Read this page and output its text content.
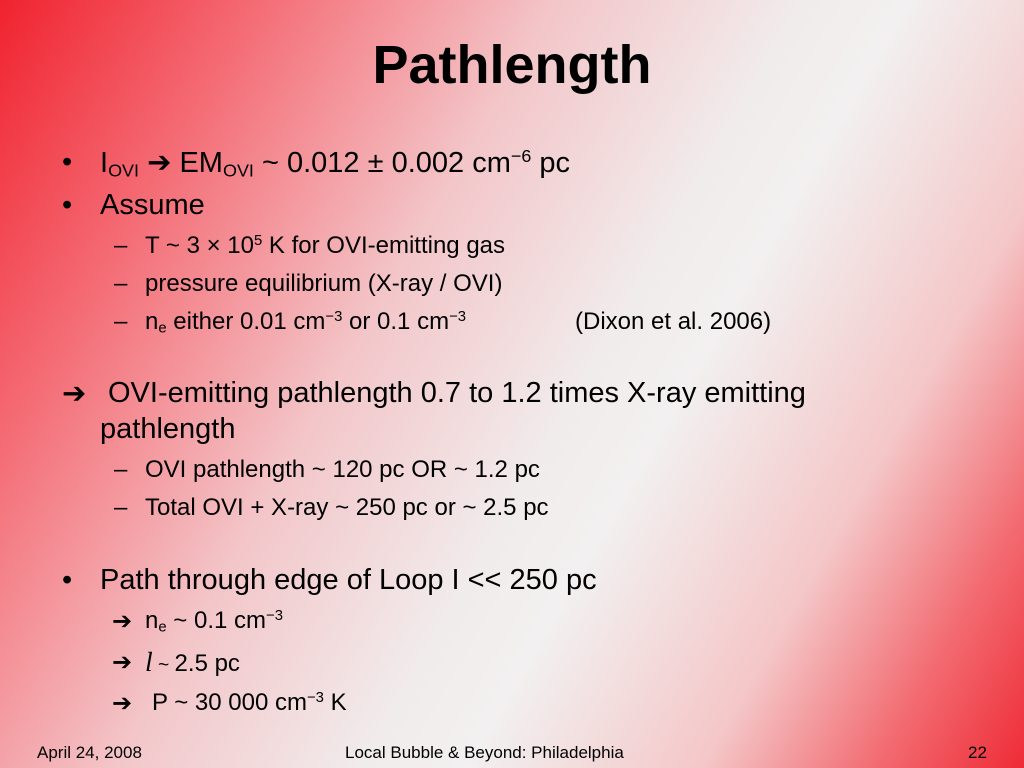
Pathlength
• $I_{OVI}$ ➔ $EM_{OVI}$ ~ 0.012 ± 0.002 $cm^{-6}$ pc
• Assume
– T ~ $3 \times 10^5$ K for OVI-emitting gas
– pressure equilibrium (X-ray / OVI)
– $n_e$ either 0.01 $cm^{-3}$ or 0.1 $cm^{-3}$	(Dixon et al. 2006)
➔ OVI-emitting pathlength 0.7 to 1.2 times X-ray emitting
pathlength
– OVI pathlength ~ 120 pc OR ~ 1.2 pc
– Total OVI + X-ray ~ 250 pc or ~ 2.5 pc
• Path through edge of Loop I << 250 pc
➔ $n_e$ ~ 0.1 $cm^{-3}$
➔ l ~ 2.5 pc
➔ P ~ 30 000 $cm^{-3}$ K
April 24, 2008	Local Bubble & Beyond: Philadelphia	22
